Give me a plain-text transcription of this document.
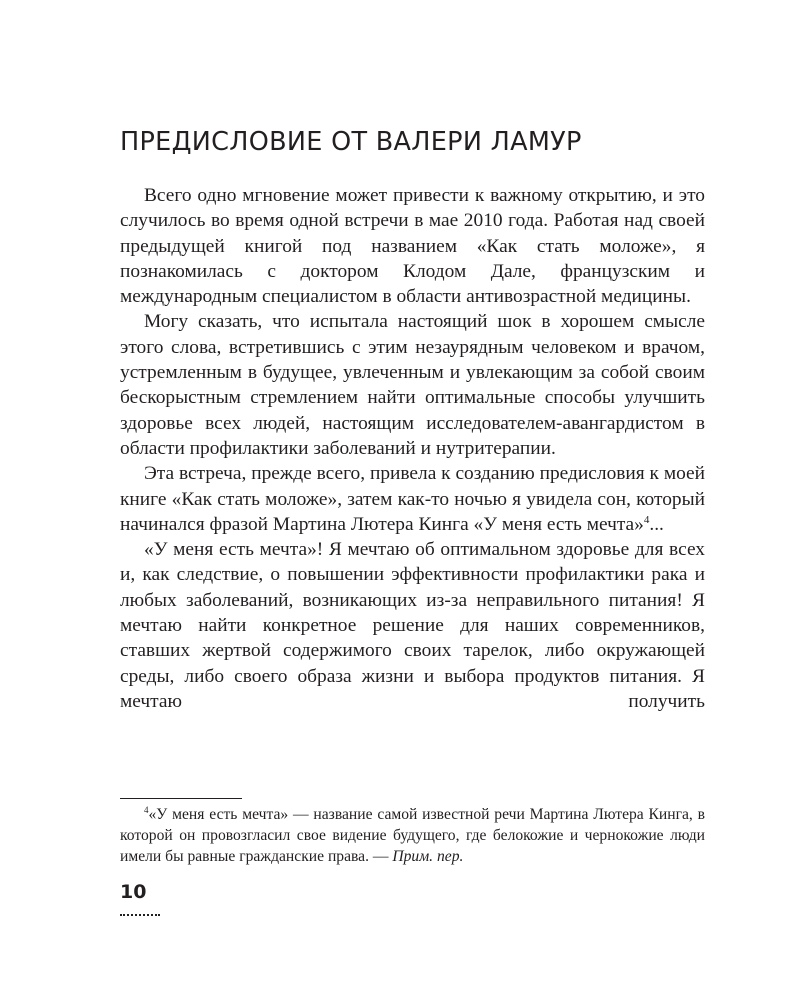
ПРЕДИСЛОВИЕ ОТ ВАЛЕРИ ЛАМУР

Всего одно мгновение может привести к важному открытию, и это случилось во время одной встречи в мае 2010 года. Работая над своей предыдущей книгой под названием «Как стать моложе», я познакомилась с доктором Клодом Дале, французским и международным специалистом в области антивозрастной медицины.

Могу сказать, что испытала настоящий шок в хорошем смысле этого слова, встретившись с этим незаурядным человеком и врачом, устремленным в будущее, увлеченным и увлекающим за собой своим бескорыстным стремлением найти оптимальные способы улучшить здоровье всех людей, настоящим исследователем-авангардистом в области профилактики заболеваний и нутритерапии.

Эта встреча, прежде всего, привела к созданию предисловия к моей книге «Как стать моложе», затем как-то ночью я увидела сон, который начинался фразой Мартина Лютера Кинга «У меня есть мечта»$^4$...

«У меня есть мечта»! Я мечтаю об оптимальном здоровье для всех и, как следствие, о повышении эффективности профилактики рака и любых заболеваний, возникающих из-за неправильного питания! Я мечтаю найти конкретное решение для наших современников, ставших жертвой содержимого своих тарелок, либо окружающей среды, либо своего образа жизни и выбора продуктов питания. Я мечтаю получить

$^4$«У меня есть мечта» — название самой известной речи Мартина Лютера Кинга, в которой он провозгласил свое видение будущего, где белокожие и чернокожие люди имели бы равные гражданские права. — Прим. пер.

10
